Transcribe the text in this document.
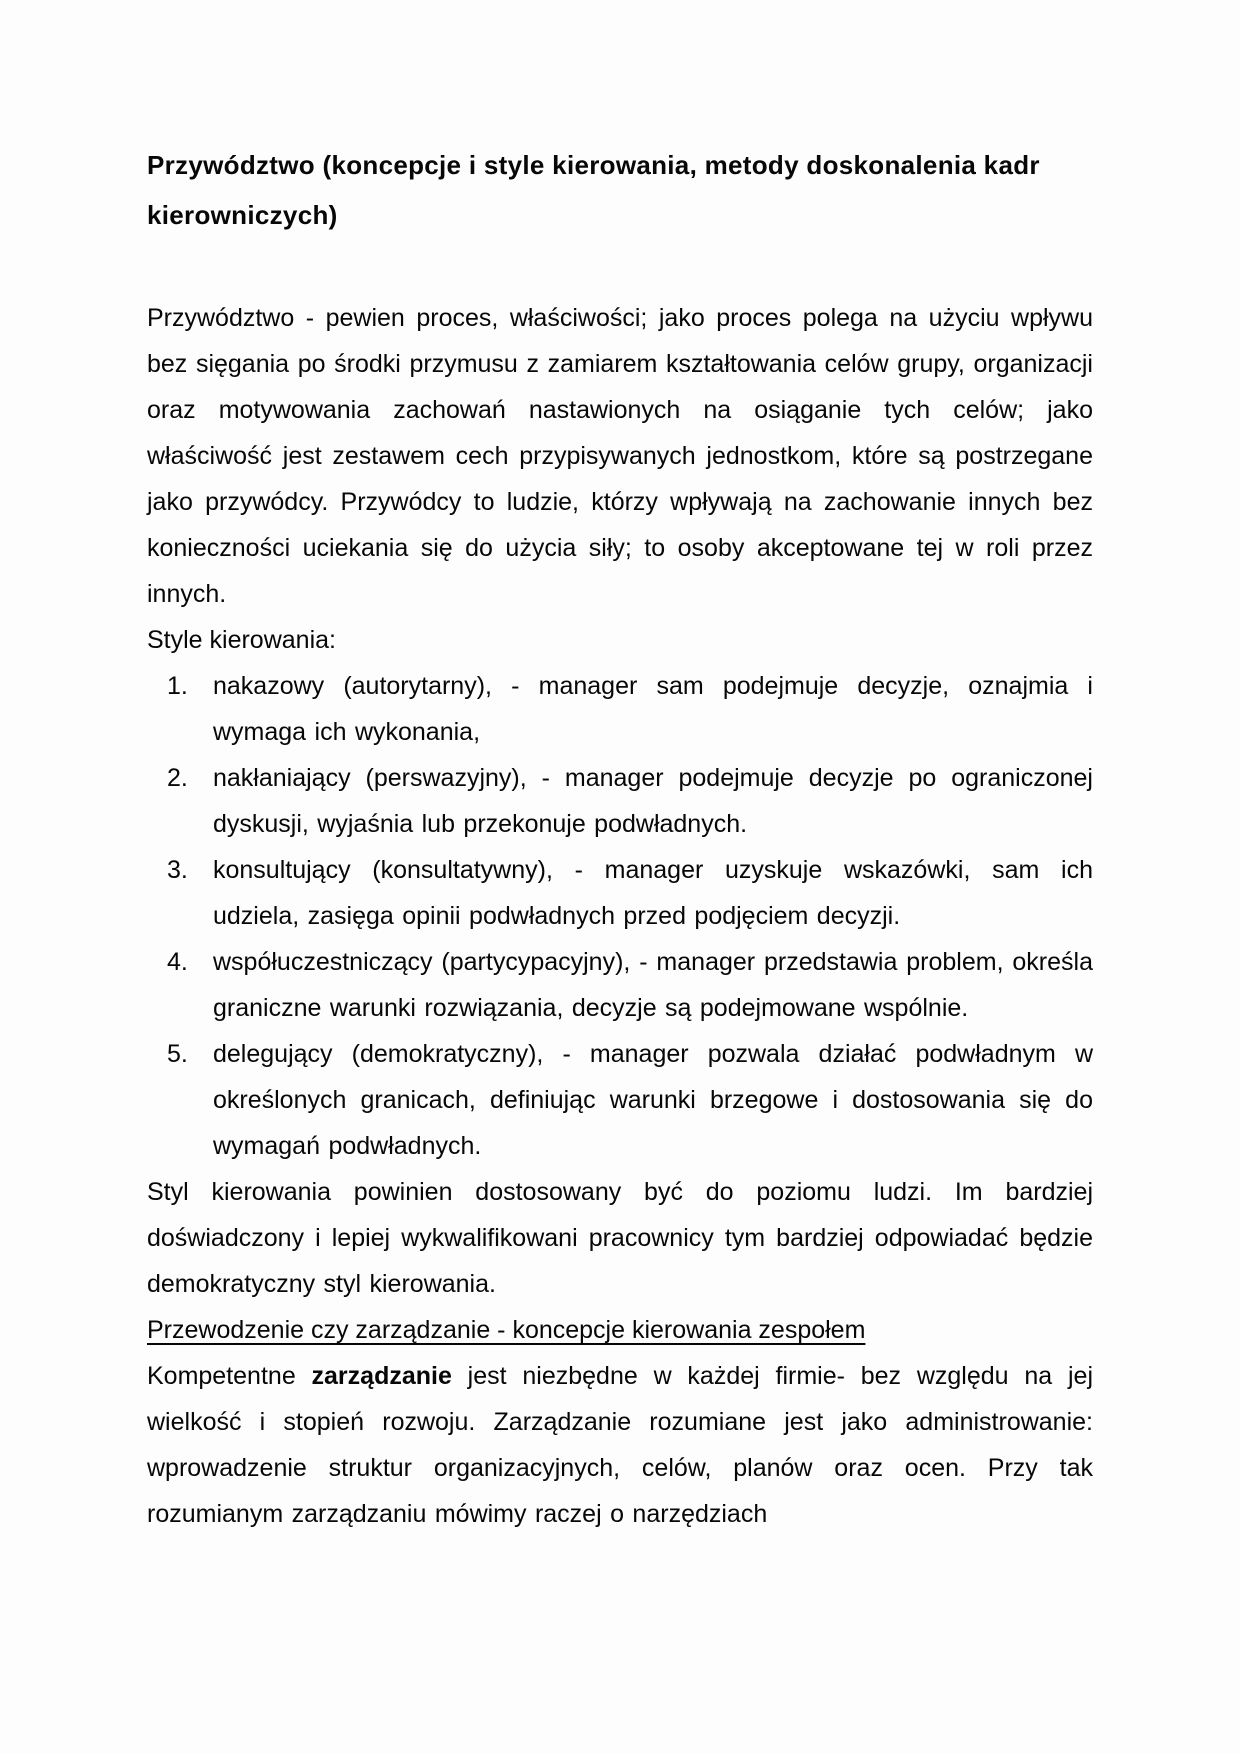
Przywództwo (koncepcje i style kierowania, metody doskonalenia kadr kierowniczych)

Przywództwo - pewien proces, właściwości; jako proces polega na użyciu wpływu bez sięgania po środki przymusu z zamiarem kształtowania celów grupy, organizacji oraz motywowania zachowań nastawionych na osiąganie tych celów; jako właściwość jest zestawem cech przypisywanych jednostkom, które są postrzegane jako przywódcy. Przywódcy to ludzie, którzy wpływają na zachowanie innych bez konieczności uciekania się do użycia siły; to osoby akceptowane tej w roli przez innych.

Style kierowania:

1.	nakazowy (autorytarny), - manager sam podejmuje decyzje, oznajmia i wymaga ich wykonania,
2.	nakłaniający (perswazyjny), - manager podejmuje decyzje po ograniczonej dyskusji, wyjaśnia lub przekonuje podwładnych.
3.	konsultujący (konsultatywny), - manager uzyskuje wskazówki, sam ich udziela, zasięga opinii podwładnych przed podjęciem decyzji.
4.	współuczestniczący (partycypacyjny), - manager przedstawia problem, określa graniczne warunki rozwiązania, decyzje są podejmowane wspólnie.
5.	delegujący (demokratyczny), - manager pozwala działać podwładnym w określonych granicach, definiując warunki brzegowe i dostosowania się do wymagań podwładnych.

Styl kierowania powinien dostosowany być do poziomu ludzi. Im bardziej doświadczony i lepiej wykwalifikowani pracownicy tym bardziej odpowiadać będzie demokratyczny styl kierowania.

Przewodzenie czy zarządzanie - koncepcje kierowania zespołem

Kompetentne zarządzanie jest niezbędne w każdej firmie- bez względu na jej wielkość i stopień rozwoju. Zarządzanie rozumiane jest jako administrowanie: wprowadzenie struktur organizacyjnych, celów, planów oraz ocen. Przy tak rozumianym zarządzaniu mówimy raczej o narzędziach
